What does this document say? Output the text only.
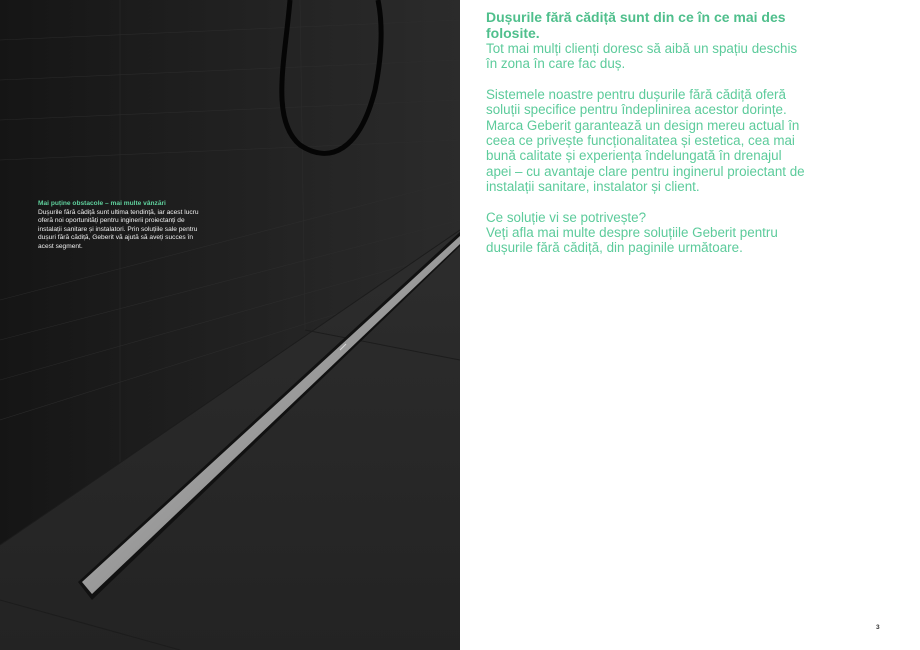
Mai puține obstacole – mai multe vânzări
Dușurile fără cădiță sunt ultima tendință, iar acest lucru oferă noi oportunități pentru inginerii proiectanți de instalații sanitare și instalatori. Prin soluțiile sale pentru dușuri fără cădiță, Geberit vă ajută să aveți succes în acest segment.

Dușurile fără cădiță sunt din ce în ce mai des folosite.

Tot mai mulți clienți doresc să aibă un spațiu deschis în zona în care fac duș.

Sistemele noastre pentru dușurile fără cădiță oferă soluții specifice pentru îndeplinirea acestor dorințe. Marca Geberit garantează un design mereu actual în ceea ce privește funcționalitatea și estetica, cea mai bună calitate și experiența îndelungată în drenajul apei – cu avantaje clare pentru inginerul proiectant de instalații sanitare, instalator și client.

Ce soluție vi se potrivește?

Veți afla mai multe despre soluțiile Geberit pentru dușurile fără cădiță, din paginile următoare.

3
